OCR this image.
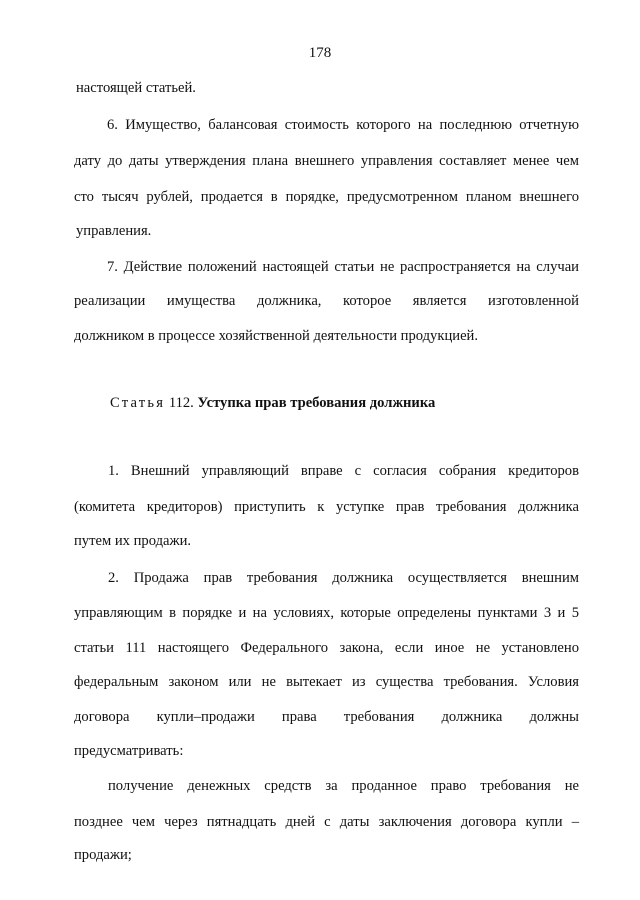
178
настоящей статьей.
6. Имущество, балансовая стоимость которого на последнюю отчетную
дату до даты утверждения плана внешнего управления составляет менее чем
сто тысяч рублей, продается в порядке, предусмотренном планом внешнего
управления.
7. Действие положений настоящей статьи не распространяется на случаи
реализации имущества должника, которое является изготовленной
должником в процессе хозяйственной деятельности продукцией.
Статья 112. Уступка прав требования должника
1. Внешний управляющий вправе с согласия собрания кредиторов
(комитета кредиторов) приступить к уступке прав требования должника
путем их продажи.
2. Продажа прав требования должника осуществляется внешним
управляющим в порядке и на условиях, которые определены пунктами 3 и 5
статьи 111 настоящего Федерального закона, если иное не установлено
федеральным законом или не вытекает из существа требования. Условия
договора купли–продажи права требования должника должны
предусматривать:
получение денежных средств за проданное право требования не
позднее чем через пятнадцать дней с даты заключения договора купли –
продажи;
